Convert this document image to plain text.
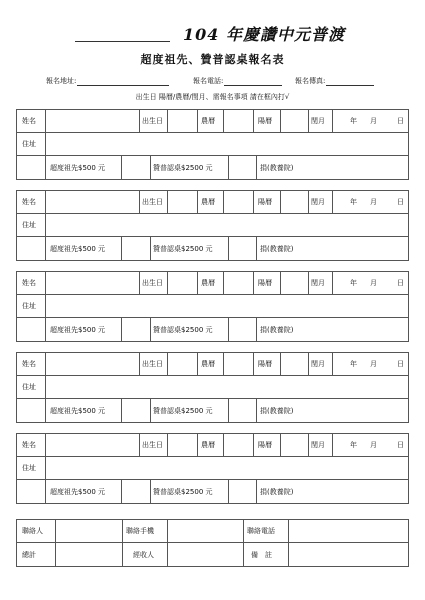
104 年慶讚中元普渡
超度祖先、贊普認桌報名表
報名地址:	報名電話:	報名傳真:
出生日 陽曆/農曆/閏月、需報名事項 請在框內打√
姓名	出生日	農曆	陽曆	閏月	年 月	日
住址
超度祖先$500 元	贊普認桌$2500 元	捐(教養院)
姓名	出生日	農曆	陽曆	閏月	年 月	日
住址
超度祖先$500 元	贊普認桌$2500 元	捐(教養院)
姓名	出生日	農曆	陽曆	閏月	年 月	日
住址
超度祖先$500 元	贊普認桌$2500 元	捐(教養院)
姓名	出生日	農曆	陽曆	閏月	年 月	日
住址
超度祖先$500 元	贊普認桌$2500 元	捐(教養院)
姓名	出生日	農曆	陽曆	閏月	年 月	日
住址
超度祖先$500 元	贊普認桌$2500 元	捐(教養院)
聯絡人	聯絡手機	聯絡電話
總計	經收人	備　註
